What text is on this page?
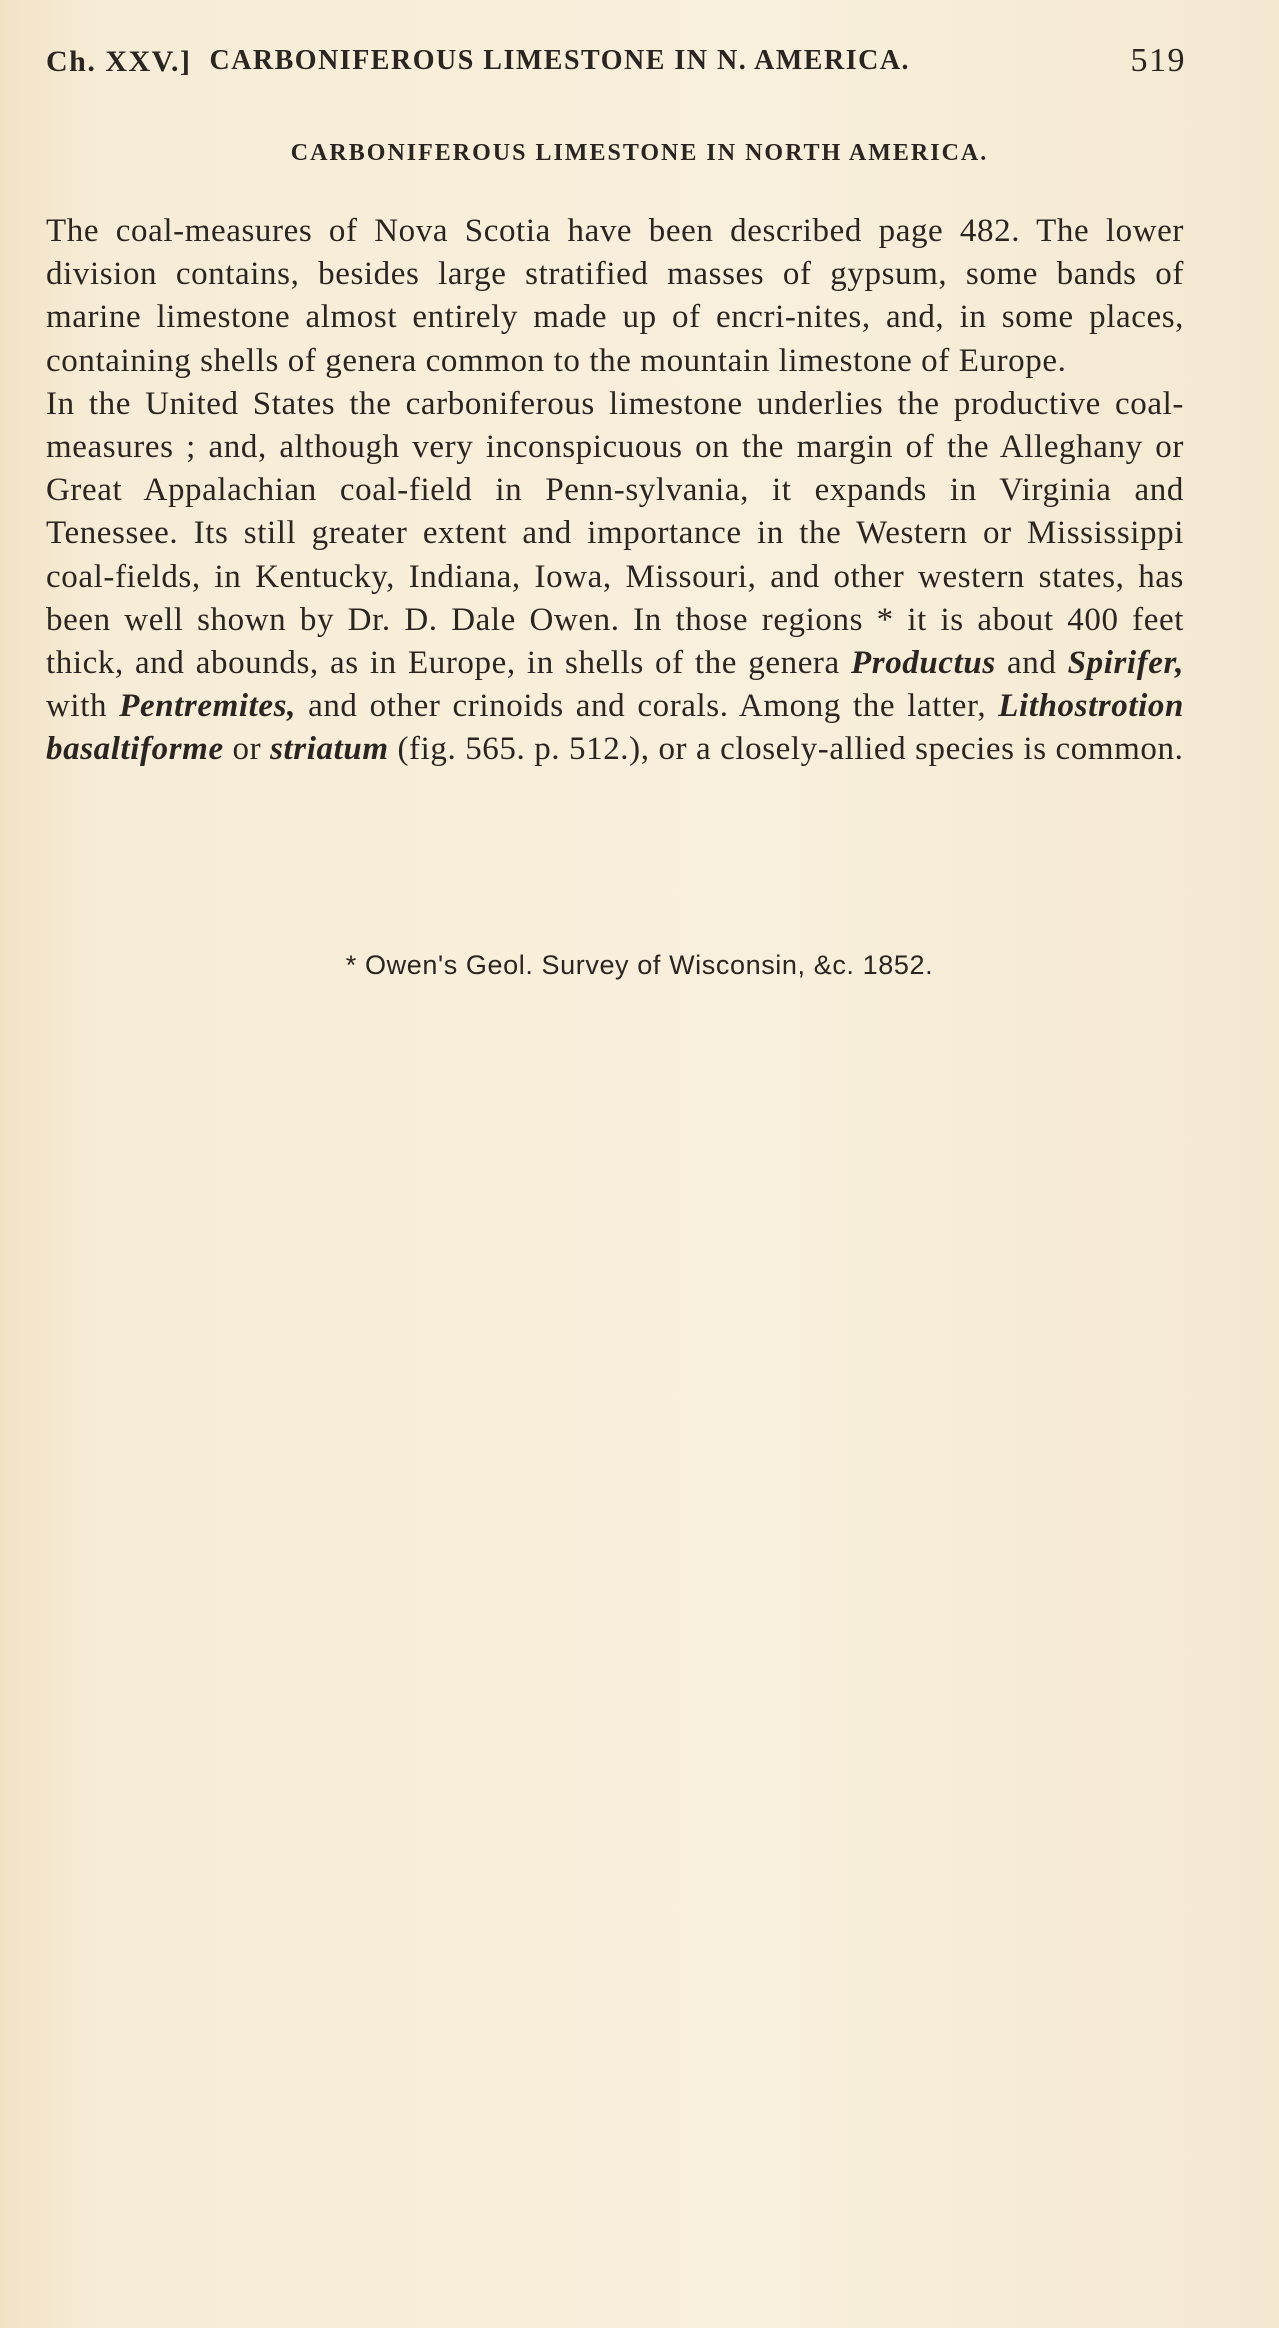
Ch. XXV.] CARBONIFEROUS LIMESTONE IN N. AMERICA.	519
CARBONIFEROUS LIMESTONE IN NORTH AMERICA.

The coal-measures of Nova Scotia have been described page 482. The lower division contains, besides large stratified masses of gypsum, some bands of marine limestone almost entirely made up of encri-nites, and, in some places, containing shells of genera common to the mountain limestone of Europe.

In the United States the carboniferous limestone underlies the productive coal-measures ; and, although very inconspicuous on the margin of the Alleghany or Great Appalachian coal-field in Penn-sylvania, it expands in Virginia and Tenessee. Its still greater extent and importance in the Western or Mississippi coal-fields, in Kentucky, Indiana, Iowa, Missouri, and other western states, has been well shown by Dr. D. Dale Owen. In those regions * it is about 400 feet thick, and abounds, as in Europe, in shells of the genera Productus and Spirifer, with Pentremites, and other crinoids and corals. Among the latter, Lithostrotion basaltiforme or striatum (fig. 565. p. 512.), or a closely-allied species is common.

* Owen's Geol. Survey of Wisconsin, &c. 1852.
